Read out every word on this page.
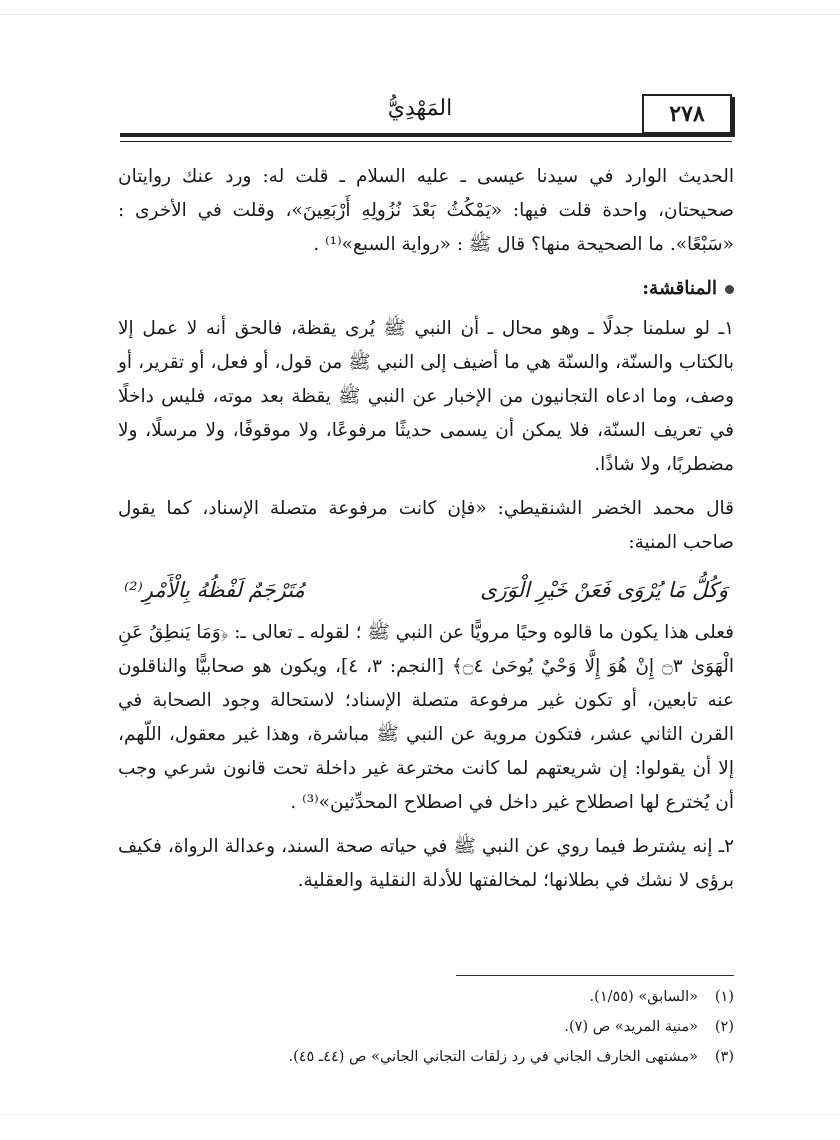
٢٧٨
المَهْدِيُّ

الحديث الوارد في سيدنا عيسى ـ عليه السلام ـ قلت له: ورد عنك روايتان صحيحتان، واحدة قلت فيها: «يَمْكُثُ بَعْدَ نُزُولِهِ أَرْبَعِينَ»، وقلت في الأخرى : «سَبْعًا». ما الصحيحة منها؟ قال ﷺ : «رواية السبع»⁽¹⁾ .

المناقشة:

١ـ لو سلمنا جدلًا ـ وهو محال ـ أن النبي ﷺ يُرى يقظة، فالحق أنه لا عمل إلا بالكتاب والسنّة، والسنّة هي ما أضيف إلى النبي ﷺ من قول، أو فعل، أو تقرير، أو وصف، وما ادعاه التجانيون من الإخبار عن النبي ﷺ يقظة بعد موته، فليس داخلًا في تعريف السنّة، فلا يمكن أن يسمى حديثًا مرفوعًا، ولا موقوفًا، ولا مرسلًا، ولا مضطربًا، ولا شاذًا.

قال محمد الخضر الشنقيطي: «فإن كانت مرفوعة متصلة الإسناد، كما يقول صاحب المنية:

وَكُلُّ مَا يُرْوَى فَعَنْ خَيْرِ الْوَرَى
مُتَرْجَمٌ لَفْظُهُ بِالْأَمْرِ⁽²⁾

فعلى هذا يكون ما قالوه وحيًا مرويًّا عن النبي ﷺ ؛ لقوله ـ تعالى ـ: ﴿وَمَا يَنطِقُ عَنِ الْهَوَىٰ ۝٣ إِنْ هُوَ إِلَّا وَحْيٌ يُوحَىٰ ۝٤﴾ [النجم: ٣، ٤]، ويكون هو صحابيًّا والناقلون عنه تابعين، أو تكون غير مرفوعة متصلة الإسناد؛ لاستحالة وجود الصحابة في القرن الثاني عشر، فتكون مروية عن النبي ﷺ مباشرة، وهذا غير معقول، اللّهم، إلا أن يقولوا: إن شريعتهم لما كانت مخترعة غير داخلة تحت قانون شرعي وجب أن يُخترع لها اصطلاح غير داخل في اصطلاح المحدِّثين»⁽³⁾ .

٢ـ إنه يشترط فيما روي عن النبي ﷺ في حياته صحة السند، وعدالة الرواة، فكيف برؤى لا نشك في بطلانها؛ لمخالفتها للأدلة النقلية والعقلية.

(١)
«السابق» (١/٥٥).
(٢)
«منية المريد» ص (٧).
(٣)
«مشتهى الخارف الجاني في رد زلقات التجاني الجاني» ص (٤٤ـ ٤٥).
